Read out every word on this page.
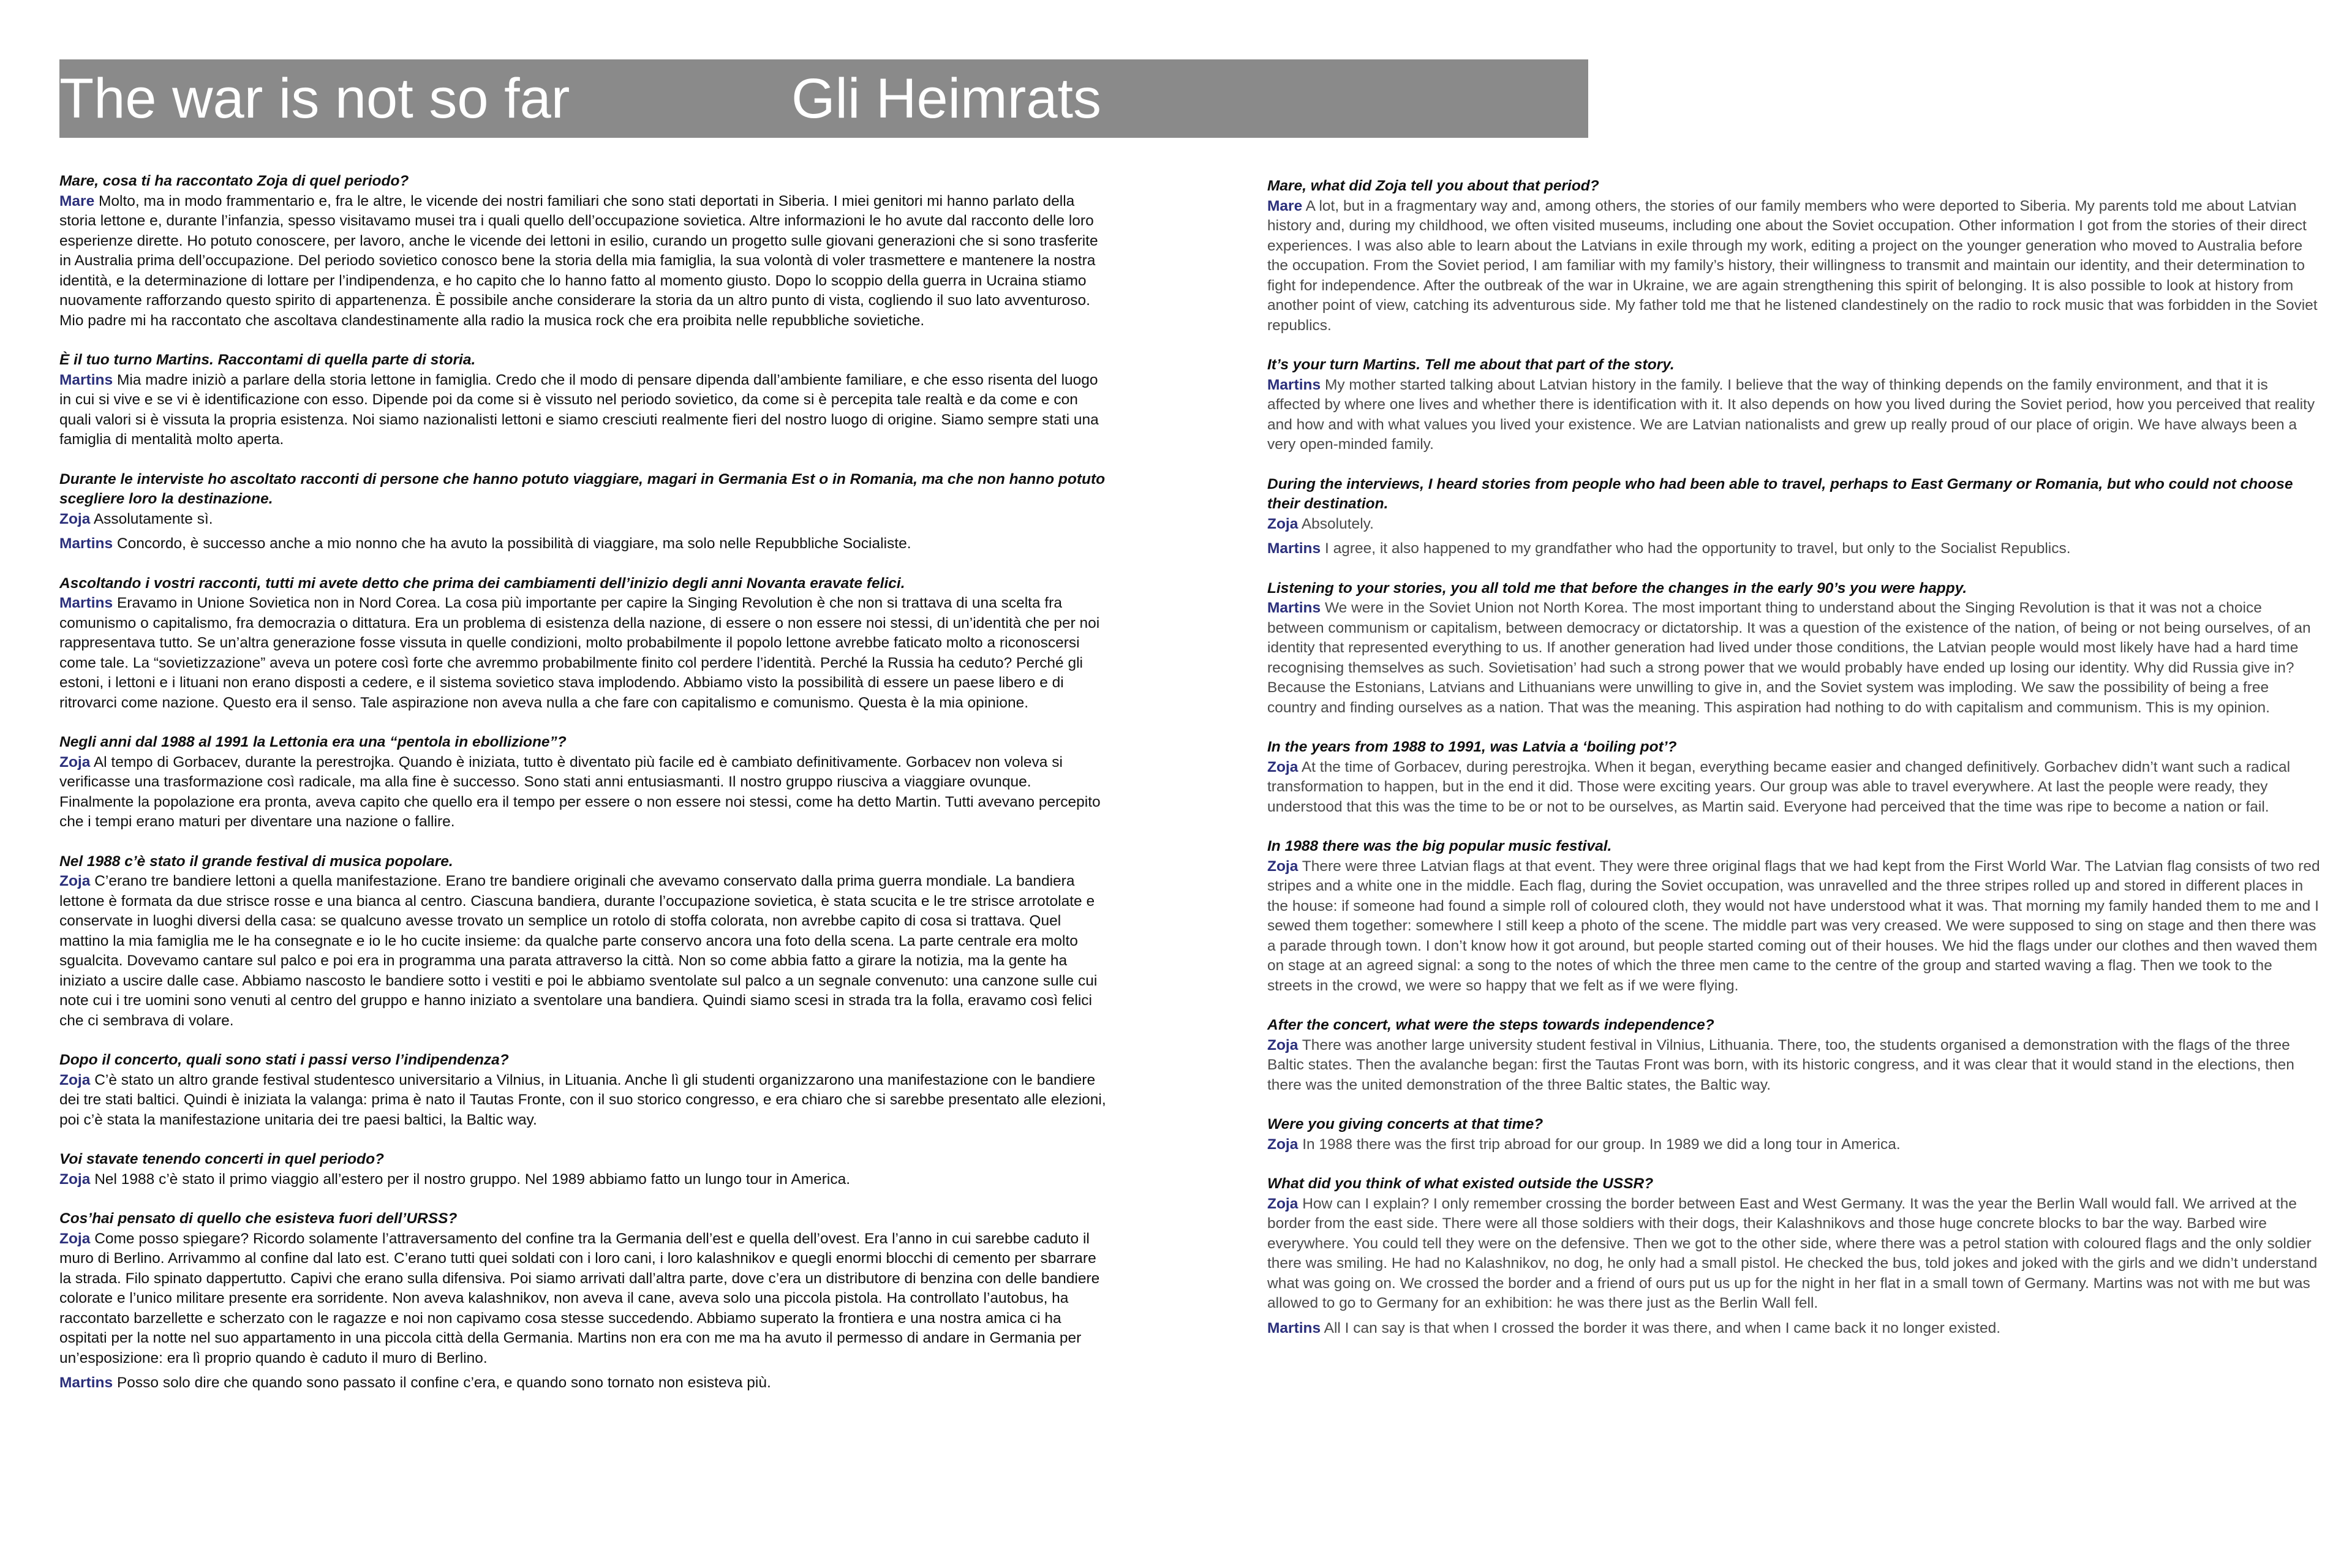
The war is not so far	Gli Heimrats

Mare, cosa ti ha raccontato Zoja di quel periodo?

Mare Molto, ma in modo frammentario e, fra le altre, le vicende dei nostri familiari che sono stati deportati in Siberia. I miei genitori mi hanno parlato della storia lettone e, durante l’infanzia, spesso visitavamo musei tra i quali quello dell’occupazione sovietica. Altre informazioni le ho avute dal racconto delle loro esperienze dirette. Ho potuto conoscere, per lavoro, anche le vicende dei lettoni in esilio, curando un progetto sulle giovani generazioni che si sono trasferite in Australia prima dell’occupazione. Del periodo sovietico conosco bene la storia della mia famiglia, la sua volontà di voler trasmettere e mantenere la nostra identità, e la determinazione di lottare per l’indipendenza, e ho capito che lo hanno fatto al momento giusto. Dopo lo scoppio della guerra in Ucraina stiamo nuovamente rafforzando questo spirito di appartenenza. È possibile anche considerare la storia da un altro punto di vista, cogliendo il suo lato avventuroso. Mio padre mi ha raccontato che ascoltava clandestinamente alla radio la musica rock che era proibita nelle repubbliche sovietiche.

È il tuo turno Martins. Raccontami di quella parte di storia.

Martins Mia madre iniziò a parlare della storia lettone in famiglia. Credo che il modo di pensare dipenda dall’ambiente familiare, e che esso risenta del luogo in cui si vive e se vi è identificazione con esso. Dipende poi da come si è vissuto nel periodo sovietico, da come si è percepita tale realtà e da come e con quali valori si è vissuta la propria esistenza. Noi siamo nazionalisti lettoni e siamo cresciuti realmente fieri del nostro luogo di origine. Siamo sempre stati una famiglia di mentalità molto aperta.

Durante le interviste ho ascoltato racconti di persone che hanno potuto viaggiare, magari in Germania Est o in Romania, ma che non hanno potuto scegliere loro la destinazione.

Zoja Assolutamente sì.

Martins Concordo, è successo anche a mio nonno che ha avuto la possibilità di viaggiare, ma solo nelle Repubbliche Socialiste.

Ascoltando i vostri racconti, tutti mi avete detto che prima dei cambiamenti dell’inizio degli anni Novanta eravate felici.

Martins Eravamo in Unione Sovietica non in Nord Corea. La cosa più importante per capire la Singing Revolution è che non si trattava di una scelta fra comunismo o capitalismo, fra democrazia o dittatura. Era un problema di esistenza della nazione, di essere o non essere noi stessi, di un’identità che per noi rappresentava tutto. Se un’altra generazione fosse vissuta in quelle condizioni, molto probabilmente il popolo lettone avrebbe faticato molto a riconoscersi come tale. La “sovietizzazione” aveva un potere così forte che avremmo probabilmente finito col perdere l’identità. Perché la Russia ha ceduto? Perché gli estoni, i lettoni e i lituani non erano disposti a cedere, e il sistema sovietico stava implodendo. Abbiamo visto la possibilità di essere un paese libero e di ritrovarci come nazione. Questo era il senso. Tale aspirazione non aveva nulla a che fare con capitalismo e comunismo. Questa è la mia opinione.

Negli anni dal 1988 al 1991 la Lettonia era una “pentola in ebollizione”?

Zoja Al tempo di Gorbacev, durante la perestrojka. Quando è iniziata, tutto è diventato più facile ed è cambiato definitivamente. Gorbacev non voleva si verificasse una trasformazione così radicale, ma alla fine è successo. Sono stati anni entusiasmanti. Il nostro gruppo riusciva a viaggiare ovunque. Finalmente la popolazione era pronta, aveva capito che quello era il tempo per essere o non essere noi stessi, come ha detto Martin. Tutti avevano percepito che i tempi erano maturi per diventare una nazione o fallire.

Nel 1988 c’è stato il grande festival di musica popolare.

Zoja C’erano tre bandiere lettoni a quella manifestazione. Erano tre bandiere originali che avevamo conservato dalla prima guerra mondiale. La bandiera lettone è formata da due strisce rosse e una bianca al centro. Ciascuna bandiera, durante l’occupazione sovietica, è stata scucita e le tre strisce arrotolate e conservate in luoghi diversi della casa: se qualcuno avesse trovato un semplice un rotolo di stoffa colorata, non avrebbe capito di cosa si trattava. Quel mattino la mia famiglia me le ha consegnate e io le ho cucite insieme: da qualche parte conservo ancora una foto della scena. La parte centrale era molto sgualcita. Dovevamo cantare sul palco e poi era in programma una parata attraverso la città. Non so come abbia fatto a girare la notizia, ma la gente ha iniziato a uscire dalle case. Abbiamo nascosto le bandiere sotto i vestiti e poi le abbiamo sventolate sul palco a un segnale convenuto: una canzone sulle cui note cui i tre uomini sono venuti al centro del gruppo e hanno iniziato a sventolare una bandiera. Quindi siamo scesi in strada tra la folla, eravamo così felici che ci sembrava di volare.

Dopo il concerto, quali sono stati i passi verso l’indipendenza?

Zoja C’è stato un altro grande festival studentesco universitario a Vilnius, in Lituania. Anche lì gli studenti organizzarono una manifestazione con le bandiere dei tre stati baltici. Quindi è iniziata la valanga: prima è nato il Tautas Fronte, con il suo storico congresso, e era chiaro che si sarebbe presentato alle elezioni, poi c’è stata la manifestazione unitaria dei tre paesi baltici, la Baltic way.

Voi stavate tenendo concerti in quel periodo?

Zoja Nel 1988 c’è stato il primo viaggio all’estero per il nostro gruppo. Nel 1989 abbiamo fatto un lungo tour in America.

Cos’hai pensato di quello che esisteva fuori dell’URSS?

Zoja Come posso spiegare? Ricordo solamente l’attraversamento del confine tra la Germania dell’est e quella dell’ovest. Era l’anno in cui sarebbe caduto il muro di Berlino. Arrivammo al confine dal lato est. C’erano tutti quei soldati con i loro cani, i loro kalashnikov e quegli enormi blocchi di cemento per sbarrare la strada. Filo spinato dappertutto. Capivi che erano sulla difensiva. Poi siamo arrivati dall’altra parte, dove c’era un distributore di benzina con delle bandiere colorate e l’unico militare presente era sorridente. Non aveva kalashnikov, non aveva il cane, aveva solo una piccola pistola. Ha controllato l’autobus, ha raccontato barzellette e scherzato con le ragazze e noi non capivamo cosa stesse succedendo. Abbiamo superato la frontiera e una nostra amica ci ha ospitati per la notte nel suo appartamento in una piccola città della Germania. Martins non era con me ma ha avuto il permesso di andare in Germania per un’esposizione: era lì proprio quando è caduto il muro di Berlino.

Martins Posso solo dire che quando sono passato il confine c’era, e quando sono tornato non esisteva più.

Mare, what did Zoja tell you about that period?

Mare A lot, but in a fragmentary way and, among others, the stories of our family members who were deported to Siberia. My parents told me about Latvian history and, during my childhood, we often visited museums, including one about the Soviet occupation. Other information I got from the stories of their direct experiences. I was also able to learn about the Latvians in exile through my work, editing a project on the younger generation who moved to Australia before the occupation. From the Soviet period, I am familiar with my family’s history, their willingness to transmit and maintain our identity, and their determination to fight for independence. After the outbreak of the war in Ukraine, we are again strengthening this spirit of belonging. It is also possible to look at history from another point of view, catching its adventurous side. My father told me that he listened clandestinely on the radio to rock music that was forbidden in the Soviet republics.

It’s your turn Martins. Tell me about that part of the story.

Martins My mother started talking about Latvian history in the family. I believe that the way of thinking depends on the family environment, and that it is affected by where one lives and whether there is identification with it. It also depends on how you lived during the Soviet period, how you perceived that reality and how and with what values you lived your existence. We are Latvian nationalists and grew up really proud of our place of origin. We have always been a very open-minded family.

During the interviews, I heard stories from people who had been able to travel, perhaps to East Germany or Romania, but who could not choose their destination.

Zoja Absolutely.

Martins I agree, it also happened to my grandfather who had the opportunity to travel, but only to the Socialist Republics.

Listening to your stories, you all told me that before the changes in the early 90’s you were happy.

Martins We were in the Soviet Union not North Korea. The most important thing to understand about the Singing Revolution is that it was not a choice between communism or capitalism, between democracy or dictatorship. It was a question of the existence of the nation, of being or not being ourselves, of an identity that represented everything to us. If another generation had lived under those conditions, the Latvian people would most likely have had a hard time recognising themselves as such. Sovietisation’ had such a strong power that we would probably have ended up losing our identity. Why did Russia give in? Because the Estonians, Latvians and Lithuanians were unwilling to give in, and the Soviet system was imploding. We saw the possibility of being a free country and finding ourselves as a nation. That was the meaning. This aspiration had nothing to do with capitalism and communism. This is my opinion.

In the years from 1988 to 1991, was Latvia a ‘boiling pot’?

Zoja At the time of Gorbacev, during perestrojka. When it began, everything became easier and changed definitively. Gorbachev didn’t want such a radical transformation to happen, but in the end it did. Those were exciting years. Our group was able to travel everywhere. At last the people were ready, they understood that this was the time to be or not to be ourselves, as Martin said. Everyone had perceived that the time was ripe to become a nation or fail.

In 1988 there was the big popular music festival.

Zoja There were three Latvian flags at that event. They were three original flags that we had kept from the First World War. The Latvian flag consists of two red stripes and a white one in the middle. Each flag, during the Soviet occupation, was unravelled and the three stripes rolled up and stored in different places in the house: if someone had found a simple roll of coloured cloth, they would not have understood what it was. That morning my family handed them to me and I sewed them together: somewhere I still keep a photo of the scene. The middle part was very creased. We were supposed to sing on stage and then there was a parade through town. I don’t know how it got around, but people started coming out of their houses. We hid the flags under our clothes and then waved them on stage at an agreed signal: a song to the notes of which the three men came to the centre of the group and started waving a flag. Then we took to the streets in the crowd, we were so happy that we felt as if we were flying.

After the concert, what were the steps towards independence?

Zoja There was another large university student festival in Vilnius, Lithuania. There, too, the students organised a demonstration with the flags of the three Baltic states. Then the avalanche began: first the Tautas Front was born, with its historic congress, and it was clear that it would stand in the elections, then there was the united demonstration of the three Baltic states, the Baltic way.

Were you giving concerts at that time?

Zoja In 1988 there was the first trip abroad for our group. In 1989 we did a long tour in America.

What did you think of what existed outside the USSR?

Zoja How can I explain? I only remember crossing the border between East and West Germany. It was the year the Berlin Wall would fall. We arrived at the border from the east side. There were all those soldiers with their dogs, their Kalashnikovs and those huge concrete blocks to bar the way. Barbed wire everywhere. You could tell they were on the defensive. Then we got to the other side, where there was a petrol station with coloured flags and the only soldier there was smiling. He had no Kalashnikov, no dog, he only had a small pistol. He checked the bus, told jokes and joked with the girls and we didn’t understand what was going on. We crossed the border and a friend of ours put us up for the night in her flat in a small town of Germany. Martins was not with me but was allowed to go to Germany for an exhibition: he was there just as the Berlin Wall fell.

Martins All I can say is that when I crossed the border it was there, and when I came back it no longer existed.
